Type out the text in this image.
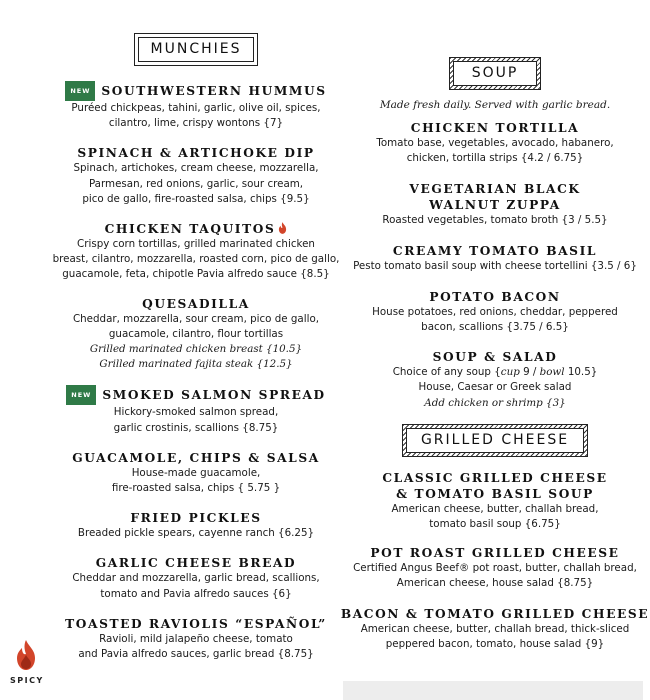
MUNCHIES
NEW SOUTHWESTERN HUMMUS
Puréed chickpeas, tahini, garlic, olive oil, spices,
cilantro, lime, crispy wontons {7}
SPINACH & ARTICHOKE DIP
Spinach, artichokes, cream cheese, mozzarella,
Parmesan, red onions, garlic, sour cream,
pico de gallo, fire-roasted salsa, chips {9.5}
CHICKEN TAQUITOS
Crispy corn tortillas, grilled marinated chicken
breast, cilantro, mozzarella, roasted corn, pico de gallo,
guacamole, feta, chipotle Pavia alfredo sauce {8.5}
QUESADILLA
Cheddar, mozzarella, sour cream, pico de gallo,
guacamole, cilantro, flour tortillas
Grilled marinated chicken breast {10.5}
Grilled marinated fajita steak {12.5}
NEW SMOKED SALMON SPREAD
Hickory-smoked salmon spread,
garlic crostinis, scallions {8.75}
GUACAMOLE, CHIPS & SALSA
House-made guacamole,
fire-roasted salsa, chips { 5.75 }
FRIED PICKLES
Breaded pickle spears, cayenne ranch {6.25}
GARLIC CHEESE BREAD
Cheddar and mozzarella, garlic bread, scallions,
tomato and Pavia alfredo sauces {6}
TOASTED RAVIOLIS “ESPAÑOL”
Ravioli, mild jalapeño cheese, tomato
and Pavia alfredo sauces, garlic bread {8.75}
SOUP
Made fresh daily. Served with garlic bread.
CHICKEN TORTILLA
Tomato base, vegetables, avocado, habanero,
chicken, tortilla strips {4.2 / 6.75}
VEGETARIAN BLACK
WALNUT ZUPPA
Roasted vegetables, tomato broth {3 / 5.5}
CREAMY TOMATO BASIL
Pesto tomato basil soup with cheese tortellini {3.5 / 6}
POTATO BACON
House potatoes, red onions, cheddar, peppered
bacon, scallions {3.75 / 6.5}
SOUP & SALAD
Choice of any soup {cup 9 / bowl 10.5}
House, Caesar or Greek salad
Add chicken or shrimp {3}
GRILLED CHEESE
CLASSIC GRILLED CHEESE
& TOMATO BASIL SOUP
American cheese, butter, challah bread,
tomato basil soup {6.75}
POT ROAST GRILLED CHEESE
Certified Angus Beef® pot roast, butter, challah bread,
American cheese, house salad {8.75}
BACON & TOMATO GRILLED CHEESE
American cheese, butter, challah bread, thick-sliced
peppered bacon, tomato, house salad {9}
SPICY
